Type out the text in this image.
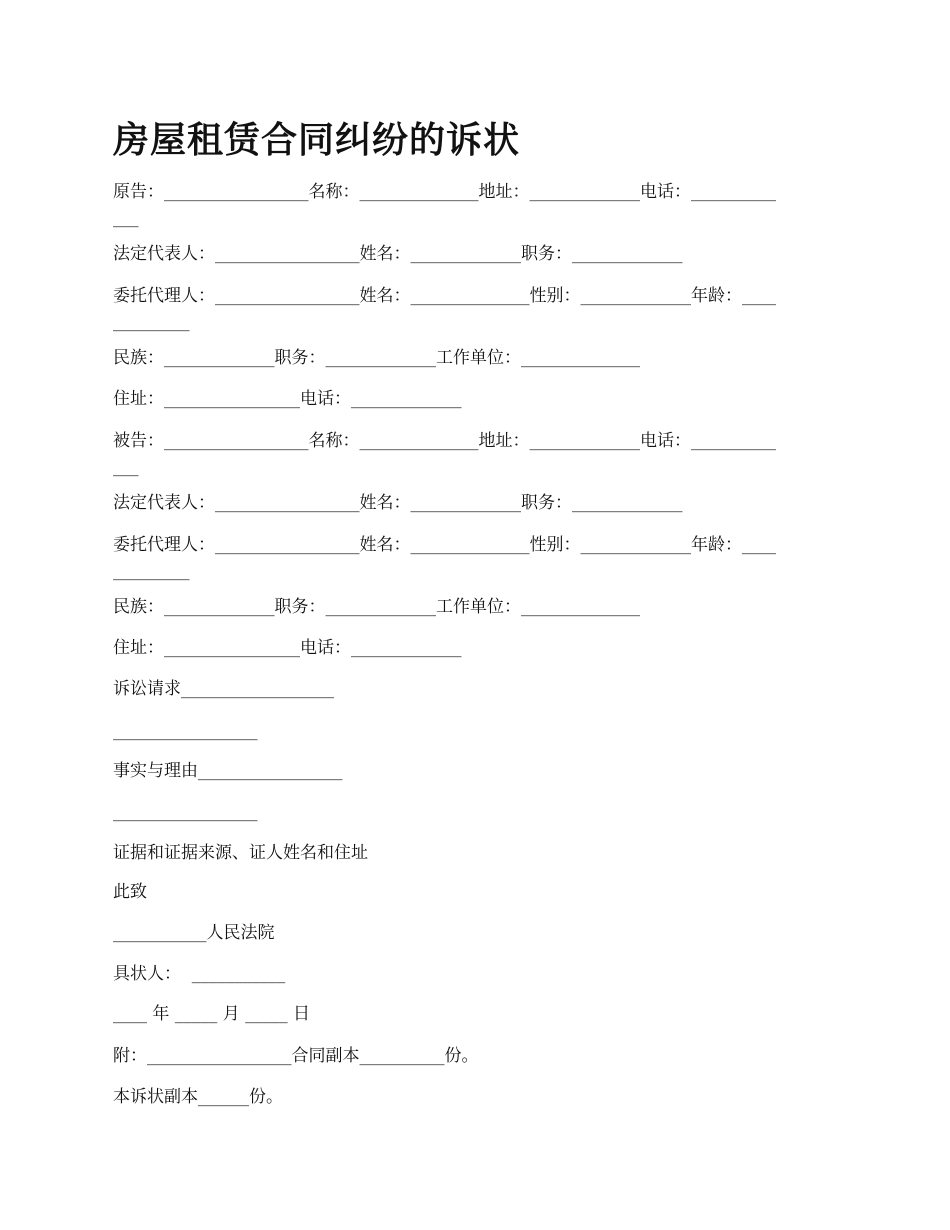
房屋租赁合同纠纷的诉状
原告：_________________名称：______________地址：_____________电话：__________
___
法定代表人：_________________姓名：_____________职务：_____________
委托代理人：_________________姓名：______________性别：_____________年龄：____
_________
民族：_____________职务：_____________工作单位：______________
住址：________________电话：_____________
被告：_________________名称：______________地址：_____________电话：__________
___
法定代表人：_________________姓名：_____________职务：_____________
委托代理人：_________________姓名：______________性别：_____________年龄：____
_________
民族：_____________职务：_____________工作单位：______________
住址：________________电话：_____________
诉讼请求__________________
_________________
事实与理由_________________
_________________
证据和证据来源、证人姓名和住址
此致
___________人民法院
具状人：  ___________
____ 年 _____ 月 _____ 日
附：_________________合同副本__________份。
本诉状副本______份。
